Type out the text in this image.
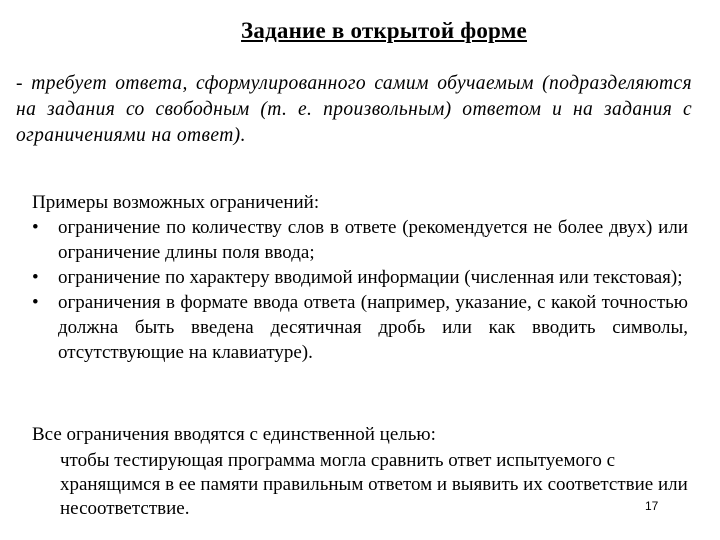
Задание в открытой форме
- требует ответа, сформулированного самим обучаемым (подразделяются на задания со свободным (т. е. произвольным) ответом и на задания с ограничениями на ответ).

Примеры возможных ограничений:

•	ограничение по количеству слов в ответе (рекомендуется не более двух) или ограничение длины поля ввода;
•	ограничение по характеру вводимой информации (численная или текстовая);
•	ограничения в формате ввода ответа (например, указание, с какой точностью должна быть введена десятичная дробь или как вводить символы, отсутствующие на клавиатуре).

Все ограничения вводятся с единственной целью:

чтобы тестирующая программа могла сравнить ответ испытуемого с хранящимся в ее памяти правильным ответом и выявить их соответствие или несоответствие.	17
